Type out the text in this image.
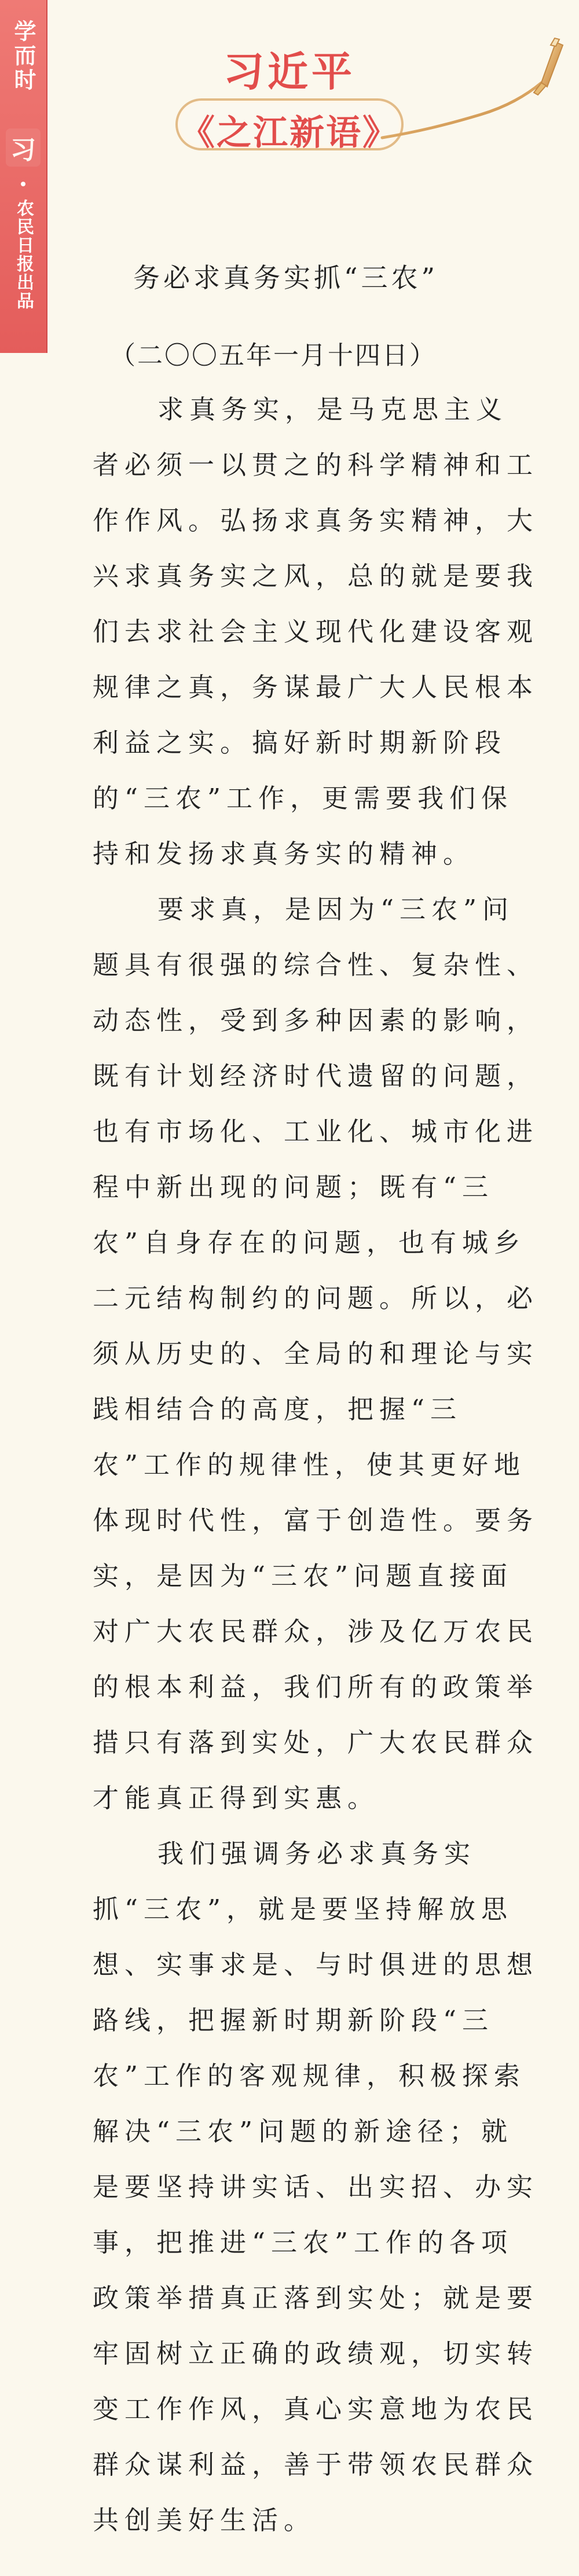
学而时
习
农民日报出品
习近平
《之江新语》
务必求真务实抓“三农”
（二〇〇五年一月十四日）

求真务实，是马克思主义者必须一以贯之的科学精神和工作作风。弘扬求真务实精神，大兴求真务实之风，总的就是要我们去求社会主义现代化建设客观规律之真，务谋最广大人民根本利益之实。搞好新时期新阶段的“三农”工作，更需要我们保持和发扬求真务实的精神。

要求真，是因为“三农”问题具有很强的综合性、复杂性、动态性，受到多种因素的影响，既有计划经济时代遗留的问题，也有市场化、工业化、城市化进程中新出现的问题；既有“三农”自身存在的问题，也有城乡二元结构制约的问题。所以，必须从历史的、全局的和理论与实践相结合的高度，把握“三农”工作的规律性，使其更好地体现时代性，富于创造性。要务实，是因为“三农”问题直接面对广大农民群众，涉及亿万农民的根本利益，我们所有的政策举措只有落到实处，广大农民群众才能真正得到实惠。

我们强调务必求真务实抓“三农”，就是要坚持解放思想、实事求是、与时俱进的思想路线，把握新时期新阶段“三农”工作的客观规律，积极探索解决“三农”问题的新途径；就是要坚持讲实话、出实招、办实事，把推进“三农”工作的各项政策举措真正落到实处；就是要牢固树立正确的政绩观，切实转变工作作风，真心实意地为农民群众谋利益，善于带领农民群众共创美好生活。
